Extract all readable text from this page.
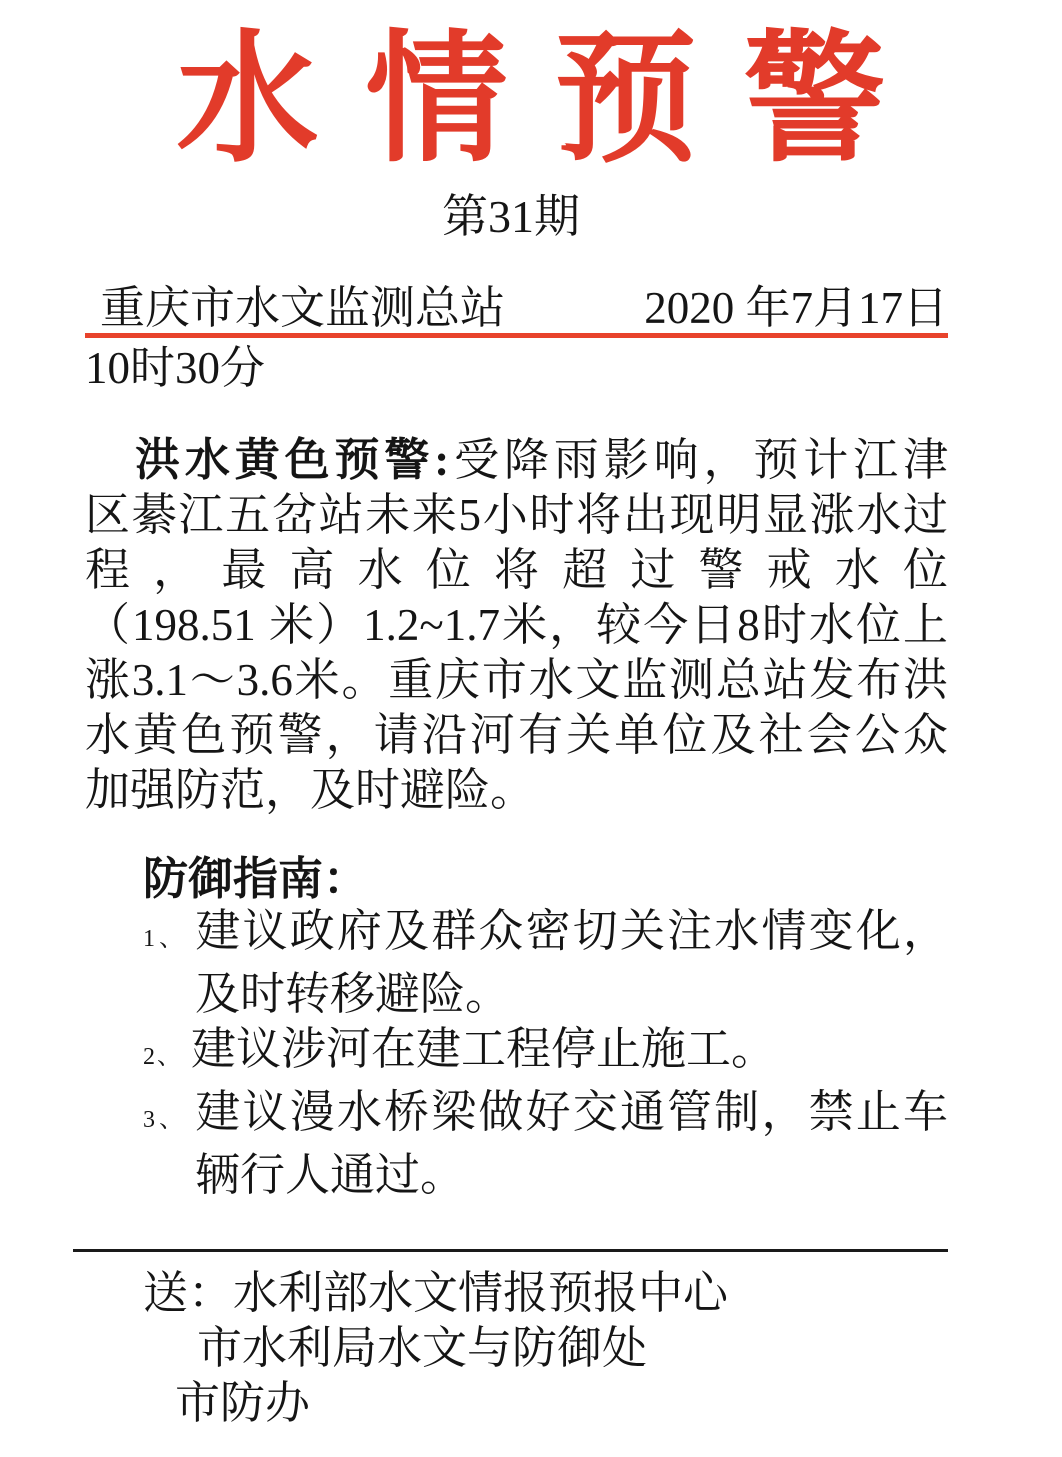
水情预警
第31期
重庆市水文监测总站	2020 年7月17日
10时30分
洪水黄色预警:受降雨影响，预计江津
区綦江五岔站未来5小时将出现明显涨水过
程，最高水位将超过警戒水位
（198.51 米）1.2~1.7米，较今日8时水位上
涨3.1～3.6米。重庆市水文监测总站发布洪
水黄色预警，请沿河有关单位及社会公众
加强防范，及时避险。
防御指南：
1、 建议政府及群众密切关注水情变化，
及时转移避险。
2、 建议涉河在建工程停止施工。
3、 建议漫水桥梁做好交通管制，禁止车
辆行人通过。
送：水利部水文情报预报中心
市水利局水文与防御处
市防办
